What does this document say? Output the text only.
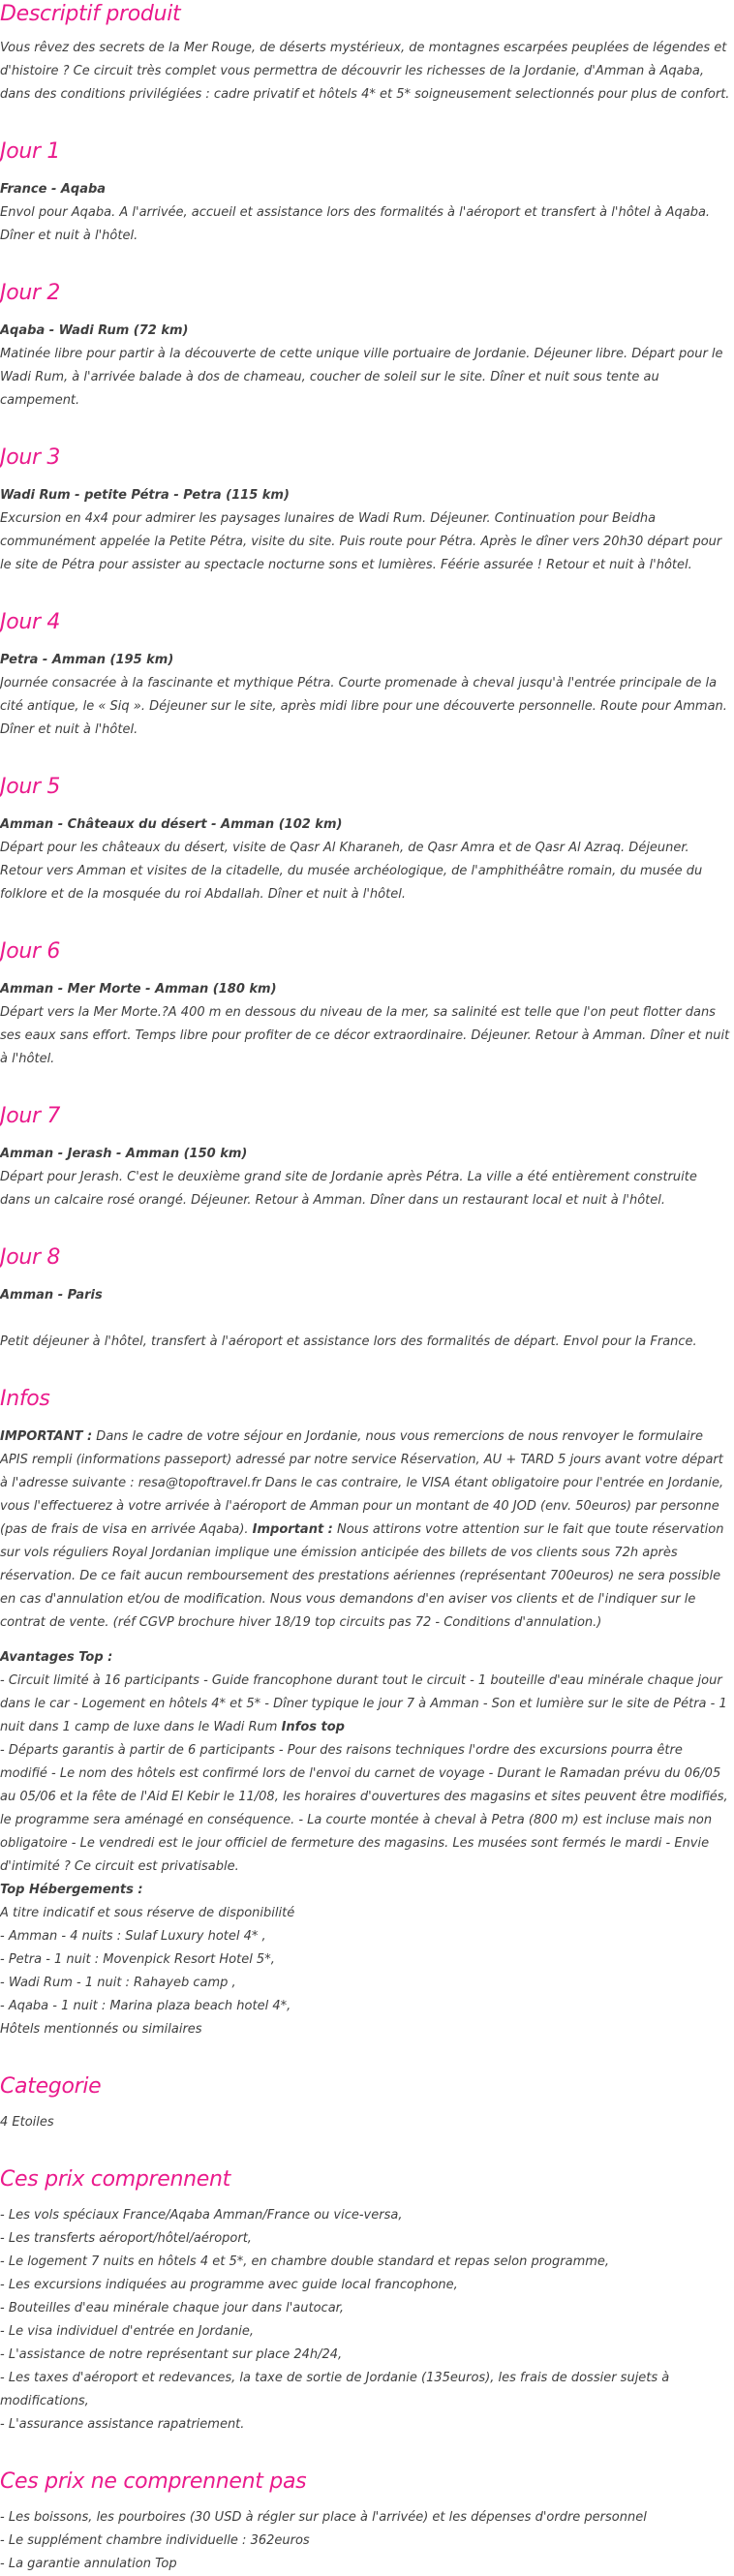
Descriptif produit

Vous rêvez des secrets de la Mer Rouge, de déserts mystérieux, de montagnes escarpées peuplées de légendes et d'histoire ? Ce circuit très complet vous permettra de découvrir les richesses de la Jordanie, d'Amman à Aqaba, dans des conditions privilégiées : cadre privatif et hôtels 4* et 5* soigneusement selectionnés pour plus de confort.

Jour 1
France - Aqaba

Envol pour Aqaba. A l'arrivée, accueil et assistance lors des formalités à l'aéroport et transfert à l'hôtel à Aqaba. Dîner et nuit à l'hôtel.

Jour 2
Aqaba - Wadi Rum (72 km)

Matinée libre pour partir à la découverte de cette unique ville portuaire de Jordanie. Déjeuner libre. Départ pour le Wadi Rum, à l'arrivée balade à dos de chameau, coucher de soleil sur le site. Dîner et nuit sous tente au campement.

Jour 3
Wadi Rum - petite Pétra - Petra (115 km)

Excursion en 4x4 pour admirer les paysages lunaires de Wadi Rum. Déjeuner. Continuation pour Beidha communément appelée la Petite Pétra, visite du site. Puis route pour Pétra. Après le dîner vers 20h30 départ pour le site de Pétra pour assister au spectacle nocturne sons et lumières. Féérie assurée ! Retour et nuit à l'hôtel.

Jour 4
Petra - Amman (195 km)

Journée consacrée à la fascinante et mythique Pétra. Courte promenade à cheval jusqu'à l'entrée principale de la cité antique, le « Siq ». Déjeuner sur le site, après midi libre pour une découverte personnelle. Route pour Amman. Dîner et nuit à l'hôtel.

Jour 5
Amman - Châteaux du désert - Amman (102 km)

Départ pour les châteaux du désert, visite de Qasr Al Kharaneh, de Qasr Amra et de Qasr Al Azraq. Déjeuner. Retour vers Amman et visites de la citadelle, du musée archéologique, de l'amphithéâtre romain, du musée du folklore et de la mosquée du roi Abdallah. Dîner et nuit à l'hôtel.

Jour 6
Amman - Mer Morte - Amman (180 km)

Départ vers la Mer Morte.?A 400 m en dessous du niveau de la mer, sa salinité est telle que l'on peut flotter dans ses eaux sans effort. Temps libre pour profiter de ce décor extraordinaire. Déjeuner. Retour à Amman. Dîner et nuit à l'hôtel.

Jour 7
Amman - Jerash - Amman (150 km)

Départ pour Jerash. C'est le deuxième grand site de Jordanie après Pétra. La ville a été entièrement construite dans un calcaire rosé orangé. Déjeuner. Retour à Amman. Dîner dans un restaurant local et nuit à l'hôtel.

Jour 8
Amman - Paris

Petit déjeuner à l'hôtel, transfert à l'aéroport et assistance lors des formalités de départ. Envol pour la France.

Infos

IMPORTANT : Dans le cadre de votre séjour en Jordanie, nous vous remercions de nous renvoyer le formulaire APIS rempli (informations passeport) adressé par notre service Réservation, AU + TARD 5 jours avant votre départ à l'adresse suivante : resa@topoftravel.fr Dans le cas contraire, le VISA étant obligatoire pour l'entrée en Jordanie, vous l'effectuerez à votre arrivée à l'aéroport de Amman pour un montant de 40 JOD (env. 50euros) par personne (pas de frais de visa en arrivée Aqaba). Important : Nous attirons votre attention sur le fait que toute réservation sur vols réguliers Royal Jordanian implique une émission anticipée des billets de vos clients sous 72h après réservation. De ce fait aucun remboursement des prestations aériennes (représentant 700euros) ne sera possible en cas d'annulation et/ou de modification. Nous vous demandons d'en aviser vos clients et de l'indiquer sur le contrat de vente. (réf CGVP brochure hiver 18/19 top circuits pas 72 - Conditions d'annulation.)

Avantages Top :

- Circuit limité à 16 participants - Guide francophone durant tout le circuit - 1 bouteille d'eau minérale chaque jour dans le car - Logement en hôtels 4* et 5* - Dîner typique le jour 7 à Amman - Son et lumière sur le site de Pétra - 1 nuit dans 1 camp de luxe dans le Wadi Rum Infos top
- Départs garantis à partir de 6 participants - Pour des raisons techniques l'ordre des excursions pourra être modifié - Le nom des hôtels est confirmé lors de l'envoi du carnet de voyage - Durant le Ramadan prévu du 06/05 au 05/06 et la fête de l'Aid El Kebir le 11/08, les horaires d'ouvertures des magasins et sites peuvent être modifiés, le programme sera aménagé en conséquence. - La courte montée à cheval à Petra (800 m) est incluse mais non obligatoire - Le vendredi est le jour officiel de fermeture des magasins. Les musées sont fermés le mardi - Envie d'intimité ? Ce circuit est privatisable.

Top Hébergements :
A titre indicatif et sous réserve de disponibilité
- Amman - 4 nuits : Sulaf Luxury hotel 4* ,
- Petra - 1 nuit : Movenpick Resort Hotel 5*,
- Wadi Rum - 1 nuit : Rahayeb camp ,
- Aqaba - 1 nuit : Marina plaza beach hotel 4*,
Hôtels mentionnés ou similaires
Categorie

4 Etoiles

Ces prix comprennent
- Les vols spéciaux France/Aqaba Amman/France ou vice-versa,
- Les transferts aéroport/hôtel/aéroport,
- Le logement 7 nuits en hôtels 4 et 5*, en chambre double standard et repas selon programme,
- Les excursions indiquées au programme avec guide local francophone,
- Bouteilles d'eau minérale chaque jour dans l'autocar,
- Le visa individuel d'entrée en Jordanie,
- L'assistance de notre représentant sur place 24h/24,
- Les taxes d'aéroport et redevances, la taxe de sortie de Jordanie (135euros), les frais de dossier sujets à modifications,
- L'assurance assistance rapatriement.
Ces prix ne comprennent pas
- Les boissons, les pourboires (30 USD à régler sur place à l'arrivée) et les dépenses d'ordre personnel
- Le supplément chambre individuelle : 362euros
- La garantie annulation Top
